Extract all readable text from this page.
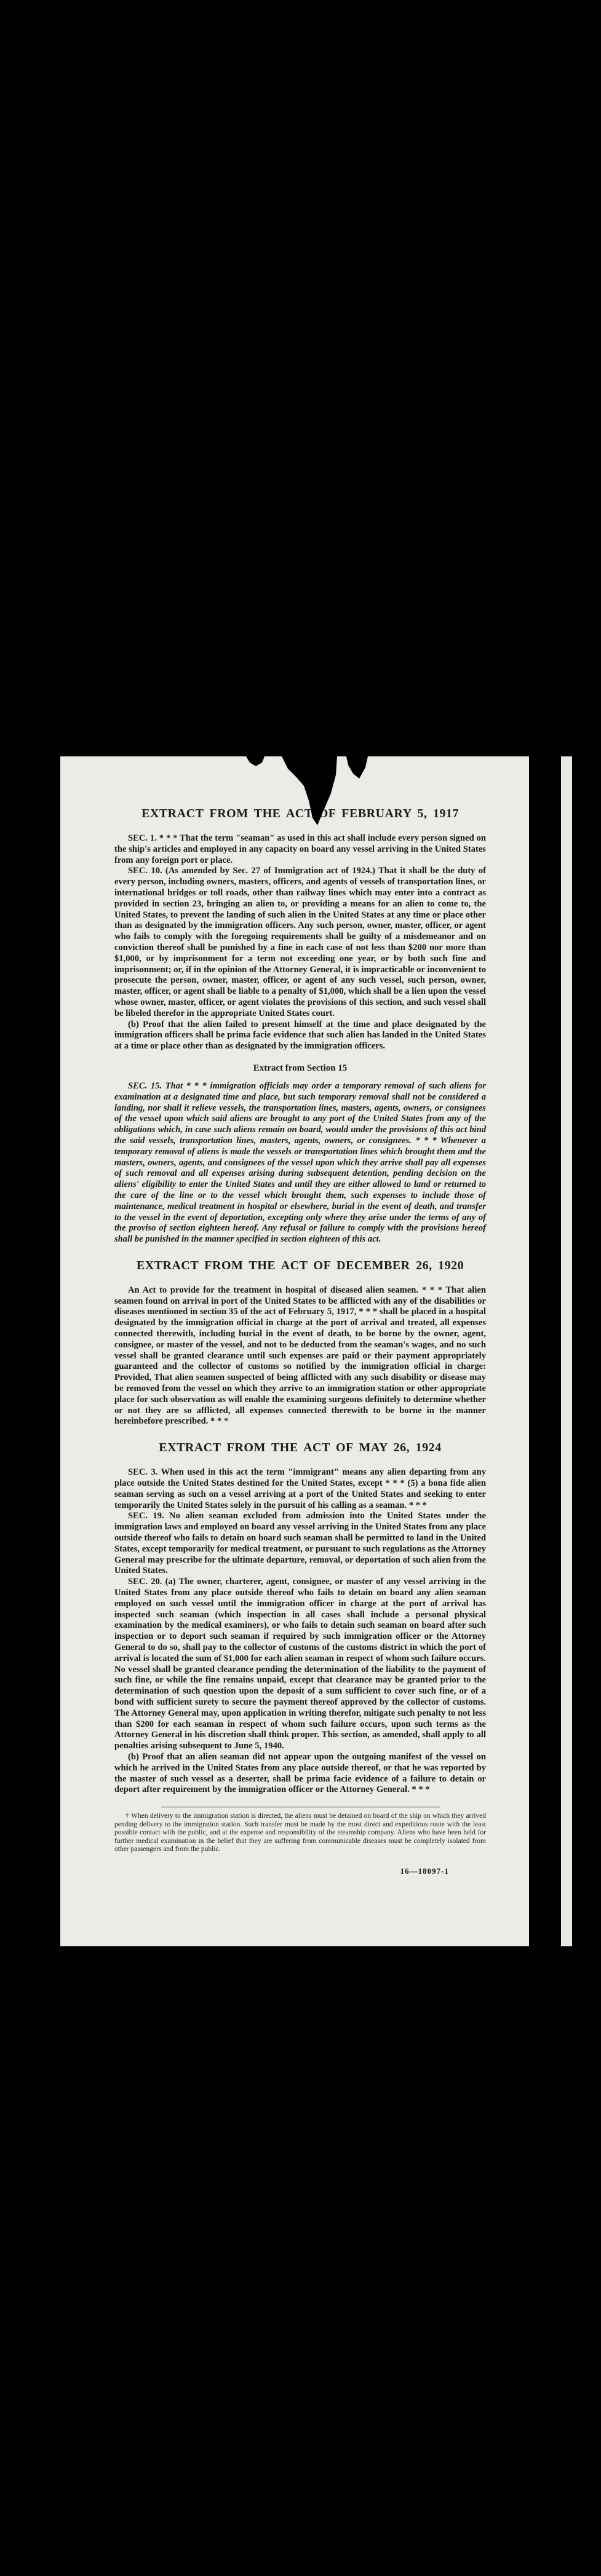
EXTRACT FROM THE ACT OF FEBRUARY 5, 1917

SEC. 1. * * * That the term "seaman" as used in this act shall include every person signed on the ship's articles and employed in any capacity on board any vessel arriving in the United States from any foreign port or place.

SEC. 10. (As amended by Sec. 27 of Immigration act of 1924.) That it shall be the duty of every person, including owners, masters, officers, and agents of vessels of transportation lines, or international bridges or toll roads, other than railway lines which may enter into a contract as provided in section 23, bringing an alien to, or providing a means for an alien to come to, the United States, to prevent the landing of such alien in the United States at any time or place other than as designated by the immigration officers. Any such person, owner, master, officer, or agent who fails to comply with the foregoing requirements shall be guilty of a misdemeanor and on conviction thereof shall be punished by a fine in each case of not less than $200 nor more than $1,000, or by imprisonment for a term not exceeding one year, or by both such fine and imprisonment; or, if in the opinion of the Attorney General, it is impracticable or inconvenient to prosecute the person, owner, master, officer, or agent of any such vessel, such person, owner, master, officer, or agent shall be liable to a penalty of $1,000, which shall be a lien upon the vessel whose owner, master, officer, or agent violates the provisions of this section, and such vessel shall be libeled therefor in the appropriate United States court.

(b) Proof that the alien failed to present himself at the time and place designated by the immigration officers shall be prima facie evidence that such alien has landed in the United States at a time or place other than as designated by the immigration officers.

Extract from Section 15

SEC. 15. That * * * immigration officials may order a temporary removal of such aliens for examination at a designated time and place, but such temporary removal shall not be considered a landing, nor shall it relieve vessels, the transportation lines, masters, agents, owners, or consignees of the vessel upon which said aliens are brought to any port of the United States from any of the obligations which, in case such aliens remain on board, would under the provisions of this act bind the said vessels, transportation lines, masters, agents, owners, or consignees. * * * Whenever a temporary removal of aliens is made the vessels or transportation lines which brought them and the masters, owners, agents, and consignees of the vessel upon which they arrive shall pay all expenses of such removal and all expenses arising during subsequent detention, pending decision on the aliens' eligibility to enter the United States and until they are either allowed to land or returned to the care of the line or to the vessel which brought them, such expenses to include those of maintenance, medical treatment in hospital or elsewhere, burial in the event of death, and transfer to the vessel in the event of deportation, excepting only where they arise under the terms of any of the proviso of section eighteen hereof. Any refusal or failure to comply with the provisions hereof shall be punished in the manner specified in section eighteen of this act.

EXTRACT FROM THE ACT OF DECEMBER 26, 1920

An Act to provide for the treatment in hospital of diseased alien seamen. * * * That alien seamen found on arrival in port of the United States to be afflicted with any of the disabilities or diseases mentioned in section 35 of the act of February 5, 1917, * * * shall be placed in a hospital designated by the immigration official in charge at the port of arrival and treated, all expenses connected therewith, including burial in the event of death, to be borne by the owner, agent, consignee, or master of the vessel, and not to be deducted from the seaman's wages, and no such vessel shall be granted clearance until such expenses are paid or their payment appropriately guaranteed and the collector of customs so notified by the immigration official in charge: Provided, That alien seamen suspected of being afflicted with any such disability or disease may be removed from the vessel on which they arrive to an immigration station or other appropriate place for such observation as will enable the examining surgeons definitely to determine whether or not they are so afflicted, all expenses connected therewith to be borne in the manner hereinbefore prescribed. * * *

EXTRACT FROM THE ACT OF MAY 26, 1924

SEC. 3. When used in this act the term "immigrant" means any alien departing from any place outside the United States destined for the United States, except * * * (5) a bona fide alien seaman serving as such on a vessel arriving at a port of the United States and seeking to enter temporarily the United States solely in the pursuit of his calling as a seaman. * * *

SEC. 19. No alien seaman excluded from admission into the United States under the immigration laws and employed on board any vessel arriving in the United States from any place outside thereof who fails to detain on board such seaman shall be permitted to land in the United States, except temporarily for medical treatment, or pursuant to such regulations as the Attorney General may prescribe for the ultimate departure, removal, or deportation of such alien from the United States.

SEC. 20. (a) The owner, charterer, agent, consignee, or master of any vessel arriving in the United States from any place outside thereof who fails to detain on board any alien seaman employed on such vessel until the immigration officer in charge at the port of arrival has inspected such seaman (which inspection in all cases shall include a personal physical examination by the medical examiners), or who fails to detain such seaman on board after such inspection or to deport such seaman if required by such immigration officer or the Attorney General to do so, shall pay to the collector of customs of the customs district in which the port of arrival is located the sum of $1,000 for each alien seaman in respect of whom such failure occurs. No vessel shall be granted clearance pending the determination of the liability to the payment of such fine, or while the fine remains unpaid, except that clearance may be granted prior to the determination of such question upon the deposit of a sum sufficient to cover such fine, or of a bond with sufficient surety to secure the payment thereof approved by the collector of customs. The Attorney General may, upon application in writing therefor, mitigate such penalty to not less than $200 for each seaman in respect of whom such failure occurs, upon such terms as the Attorney General in his discretion shall think proper. This section, as amended, shall apply to all penalties arising subsequent to June 5, 1940.

(b) Proof that an alien seaman did not appear upon the outgoing manifest of the vessel on which he arrived in the United States from any place outside thereof, or that he was reported by the master of such vessel as a deserter, shall be prima facie evidence of a failure to detain or deport after requirement by the immigration officer or the Attorney General. * * *

† When delivery to the immigration station is directed, the aliens must be detained on board of the ship on which they arrived pending delivery to the immigration station. Such transfer must be made by the most direct and expeditious route with the least possible contact with the public, and at the expense and responsibility of the steamship company. Aliens who have been held for further medical examination in the belief that they are suffering from communicable diseases must be completely isolated from other passengers and from the public.

16—18097-1
